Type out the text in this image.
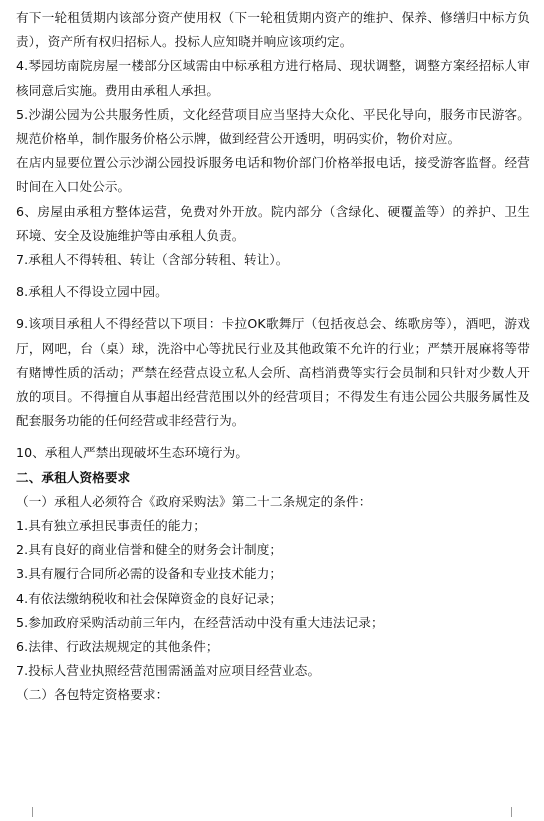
有下一轮租赁期内该部分资产使用权（下一轮租赁期内资产的维护、保养、修缮归中标方负责），资产所有权归招标人。投标人应知晓并响应该项约定。

4.琴园坊南院房屋一楼部分区域需由中标承租方进行格局、现状调整，调整方案经招标人审核同意后实施。费用由承租人承担。

5.沙湖公园为公共服务性质，文化经营项目应当坚持大众化、平民化导向，服务市民游客。规范价格单，制作服务价格公示牌，做到经营公开透明，明码实价，物价对应。

在店内显要位置公示沙湖公园投诉服务电话和物价部门价格举报电话，接受游客监督。经营时间在入口处公示。

6、房屋由承租方整体运营，免费对外开放。院内部分（含绿化、硬覆盖等）的养护、卫生环境、安全及设施维护等由承租人负责。

7.承租人不得转租、转让（含部分转租、转让）。

8.承租人不得设立园中园。

9.该项目承租人不得经营以下项目：卡拉OK歌舞厅（包括夜总会、练歌房等），酒吧，游戏厅，网吧，台（桌）球，洗浴中心等扰民行业及其他政策不允许的行业；严禁开展麻将等带有赌博性质的活动；严禁在经营点设立私人会所、高档消费等实行会员制和只针对少数人开放的项目。不得擅自从事超出经营范围以外的经营项目；不得发生有违公园公共服务属性及配套服务功能的任何经营或非经营行为。

10、承租人严禁出现破坏生态环境行为。

二、承租人资格要求

（一）承租人必须符合《政府采购法》第二十二条规定的条件：

1.具有独立承担民事责任的能力；

2.具有良好的商业信誉和健全的财务会计制度；

3.具有履行合同所必需的设备和专业技术能力；

4.有依法缴纳税收和社会保障资金的良好记录；

5.参加政府采购活动前三年内，在经营活动中没有重大违法记录；

6.法律、行政法规规定的其他条件；

7.投标人营业执照经营范围需涵盖对应项目经营业态。

（二）各包特定资格要求：
